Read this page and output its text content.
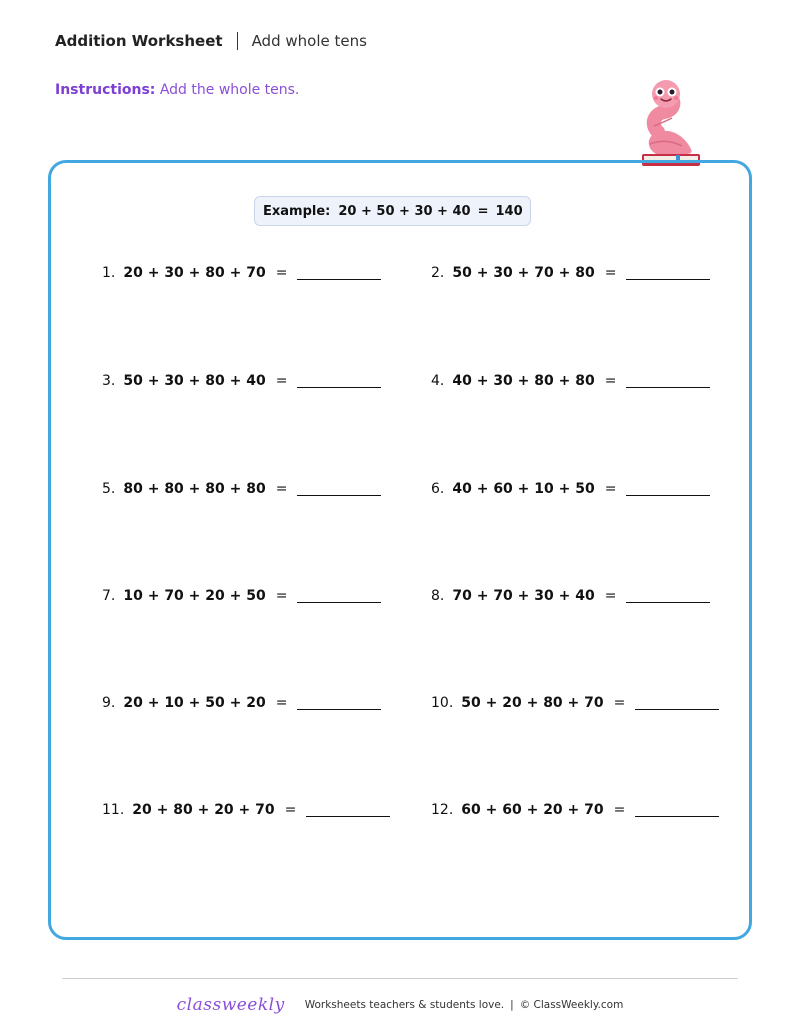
Addition Worksheet Add whole tens
Instructions: Add the whole tens.
Example: 20 + 50 + 30 + 40 = 140
1. 20 + 30 + 80 + 70 =	2. 50 + 30 + 70 + 80 =
3. 50 + 30 + 80 + 40 =	4. 40 + 30 + 80 + 80 =
5. 80 + 80 + 80 + 80 =	6. 40 + 60 + 10 + 50 =
7. 10 + 70 + 20 + 50 =	8. 70 + 70 + 30 + 40 =
9. 20 + 10 + 50 + 20 =	10. 50 + 20 + 80 + 70 =
11. 20 + 80 + 20 + 70 =	12. 60 + 60 + 20 + 70 =
classweekly Worksheets teachers & students love. | © ClassWeekly.com
